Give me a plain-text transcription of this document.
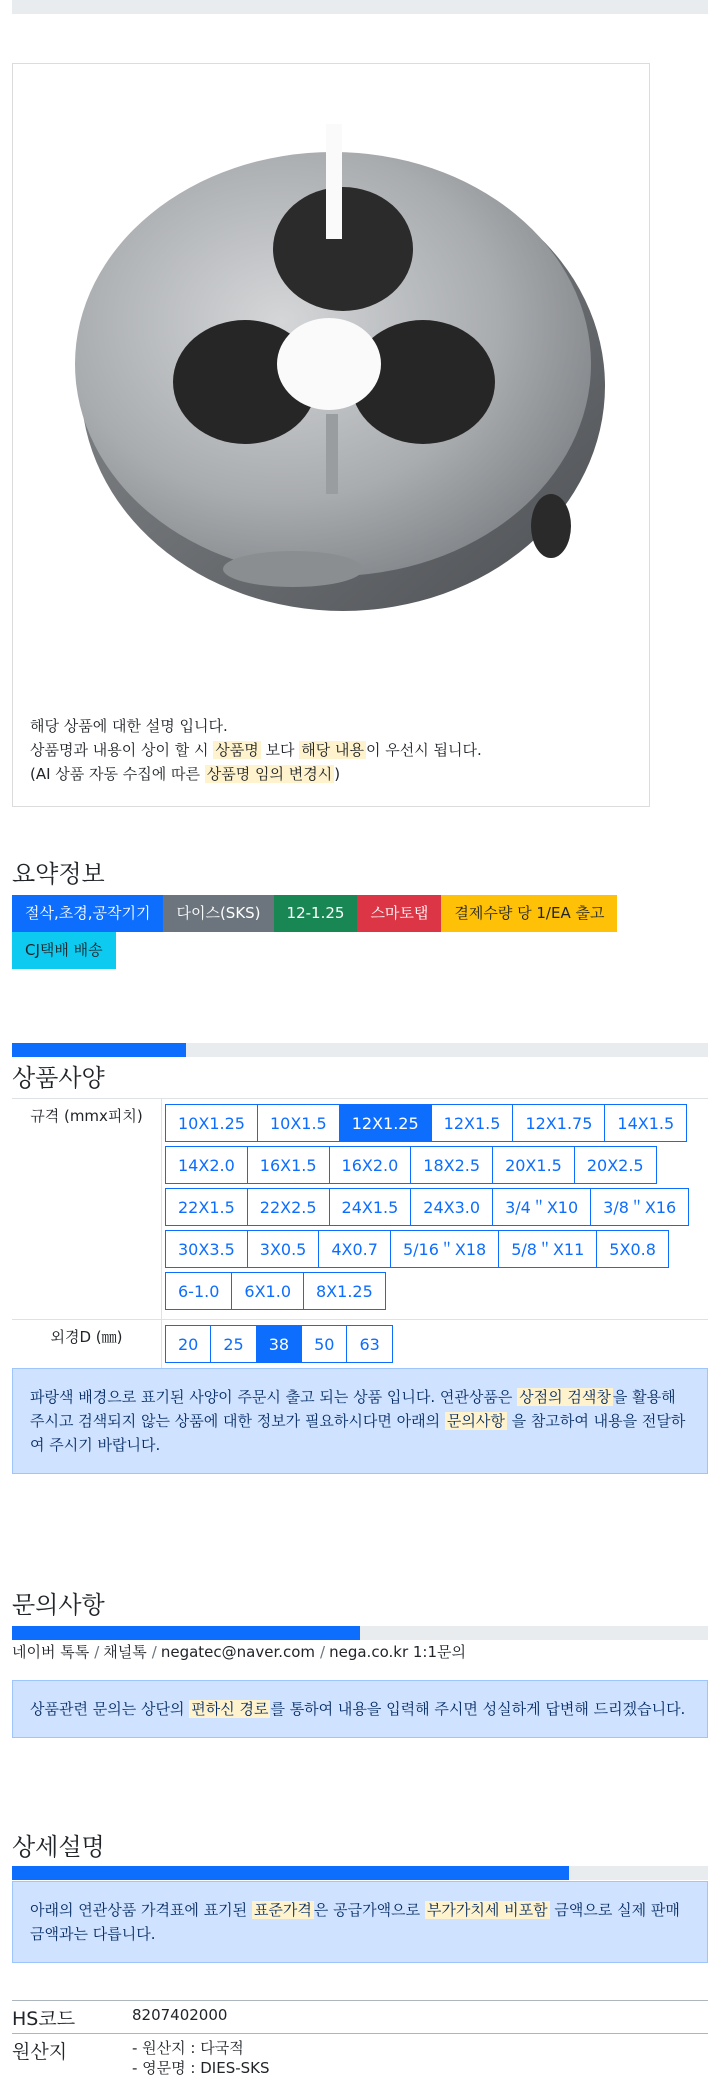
해당 상품에 대한 설명 입니다.
상품명과 내용이 상이 할 시 상품명 보다 해당 내용 이 우선시 됩니다.
(AI 상품 자동 수집에 따른 상품명 임의 변경시 )
요약정보
절삭,초경,공작기기	다이스(SKS)	12-1.25	스마토탭	결제수량 당 1/EA 출고
CJ택배 배송
상품사양
규격 (mmx피치)	10X1.25	10X1.5	12X1.25	12X1.5	12X1.75	14X1.5
14X2.0	16X1.5	16X2.0	18X2.5	20X1.5	20X2.5
22X1.5	22X2.5	24X1.5	24X3.0	3/4＂X10	3/8＂X16
30X3.5	3X0.5	4X0.7	5/16＂X18	5/8＂X11	5X0.8
6-1.0	6X1.0	8X1.25
외경D (㎜)	20	25	38	50	63
파랑색 배경으로 표기된 사양이 주문시 출고 되는 상품 입니다. 연관상품은 상점의 검색창 을 활용해 주시고 검색되지 않는 상품에 대한 정보가 필요하시다면 아래의 문의사항 을 참고하여 내용을 전달하여 주시기 바랍니다.
문의사항
네이버 톡톡 / 채널톡 / negatec@naver.com / nega.co.kr 1:1문의
상품관련 문의는 상단의 편하신 경로 를 통하여 내용을 입력해 주시면 성실하게 답변해 드리겠습니다.
상세설명
아래의 연관상품 가격표에 표기된 표준가격 은 공급가액으로 부가가치세 비포함 금액으로 실제 판매금액과는 다릅니다.
HS코드	8207402000
원산지	- 원산지 : 다국적
- 영문명 : DIES-SKS
